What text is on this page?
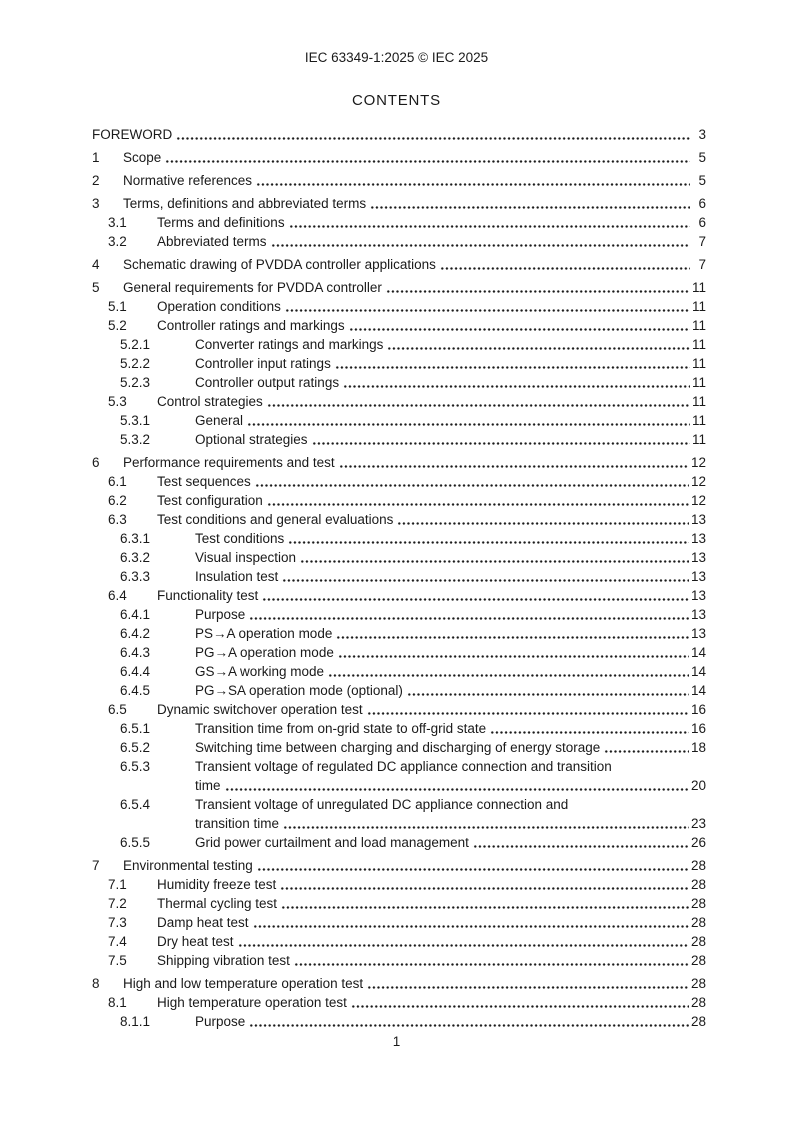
IEC 63349-1:2025 © IEC 2025
CONTENTS
FOREWORD	3
1	Scope	5
2	Normative references	5
3	Terms, definitions and abbreviated terms	6
3.1	Terms and definitions	6
3.2	Abbreviated terms	7
4	Schematic drawing of PVDDA controller applications	7
5	General requirements for PVDDA controller	11
5.1	Operation conditions	11
5.2	Controller ratings and markings	11
5.2.1	Converter ratings and markings	11
5.2.2	Controller input ratings	11
5.2.3	Controller output ratings	11
5.3	Control strategies	11
5.3.1	General	11
5.3.2	Optional strategies	11
6	Performance requirements and test	12
6.1	Test sequences	12
6.2	Test configuration	12
6.3	Test conditions and general evaluations	13
6.3.1	Test conditions	13
6.3.2	Visual inspection	13
6.3.3	Insulation test	13
6.4	Functionality test	13
6.4.1	Purpose	13
6.4.2	PS→A operation mode	13
6.4.3	PG→A operation mode	14
6.4.4	GS→A working mode	14
6.4.5	PG→SA operation mode (optional)	14
6.5	Dynamic switchover operation test	16
6.5.1	Transition time from on-grid state to off-grid state	16
6.5.2	Switching time between charging and discharging of energy storage	18
6.5.3	Transient voltage of regulated DC appliance connection and transition
time	20
6.5.4	Transient voltage of unregulated DC appliance connection and
transition time	23
6.5.5	Grid power curtailment and load management	26
7	Environmental testing	28
7.1	Humidity freeze test	28
7.2	Thermal cycling test	28
7.3	Damp heat test	28
7.4	Dry heat test	28
7.5	Shipping vibration test	28
8	High and low temperature operation test	28
8.1	High temperature operation test	28
8.1.1	Purpose	28
1
